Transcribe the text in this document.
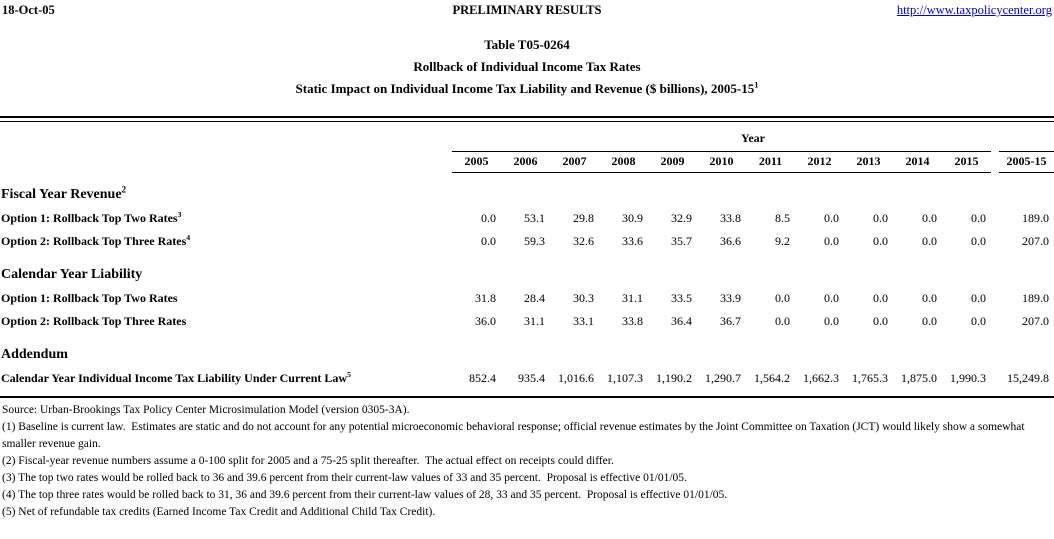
18-Oct-05	PRELIMINARY RESULTS	http://www.taxpolicycenter.org
Table T05-0264
Rollback of Individual Income Tax Rates
Static Impact on Individual Income Tax Liability and Revenue ($ billions), $2005-15^1$
	Year												
	2005	2006	2007	2008	2009	2010	2011	2012	2013	2014	2015		2005-15
Fiscal Year Revenue$^2$
Option 1: Rollback Top Two Rates$^3$	0.0	53.1	29.8	30.9	32.9	33.8	8.5	0.0	0.0	0.0	0.0		189.0
Option 2: Rollback Top Three Rates$^4$	0.0	59.3	32.6	33.6	35.7	36.6	9.2	0.0	0.0	0.0	0.0		207.0
Calendar Year Liability													
Option 1: Rollback Top Two Rates	31.8	28.4	30.3	31.1	33.5	33.9	0.0	0.0	0.0	0.0	0.0		189.0
Option 2: Rollback Top Three Rates	36.0	31.1	33.1	33.8	36.4	36.7	0.0	0.0	0.0	0.0	0.0		207.0
Addendum													
Calendar Year Individual Income Tax Liability Under Current Law$^5$	852.4	935.4	1,016.6	1,107.3	1,190.2	1,290.7	1,564.2	1,662.3	1,765.3	1,875.0	1,990.3		15,249.8
Source: Urban-Brookings Tax Policy Center Microsimulation Model (version 0305-3A).
(1) Baseline is current law.  Estimates are static and do not account for any potential microeconomic behavioral response; official revenue estimates by the Joint Committee on Taxation (JCT) would likely show a somewhat smaller revenue gain.
(2) Fiscal-year revenue numbers assume a 0-100 split for 2005 and a 75-25 split thereafter.  The actual effect on receipts could differ.
(3) The top two rates would be rolled back to 36 and 39.6 percent from their current-law values of 33 and 35 percent.  Proposal is effective 01/01/05.
(4) The top three rates would be rolled back to 31, 36 and 39.6 percent from their current-law values of 28, 33 and 35 percent.  Proposal is effective 01/01/05.
(5) Net of refundable tax credits (Earned Income Tax Credit and Additional Child Tax Credit).
